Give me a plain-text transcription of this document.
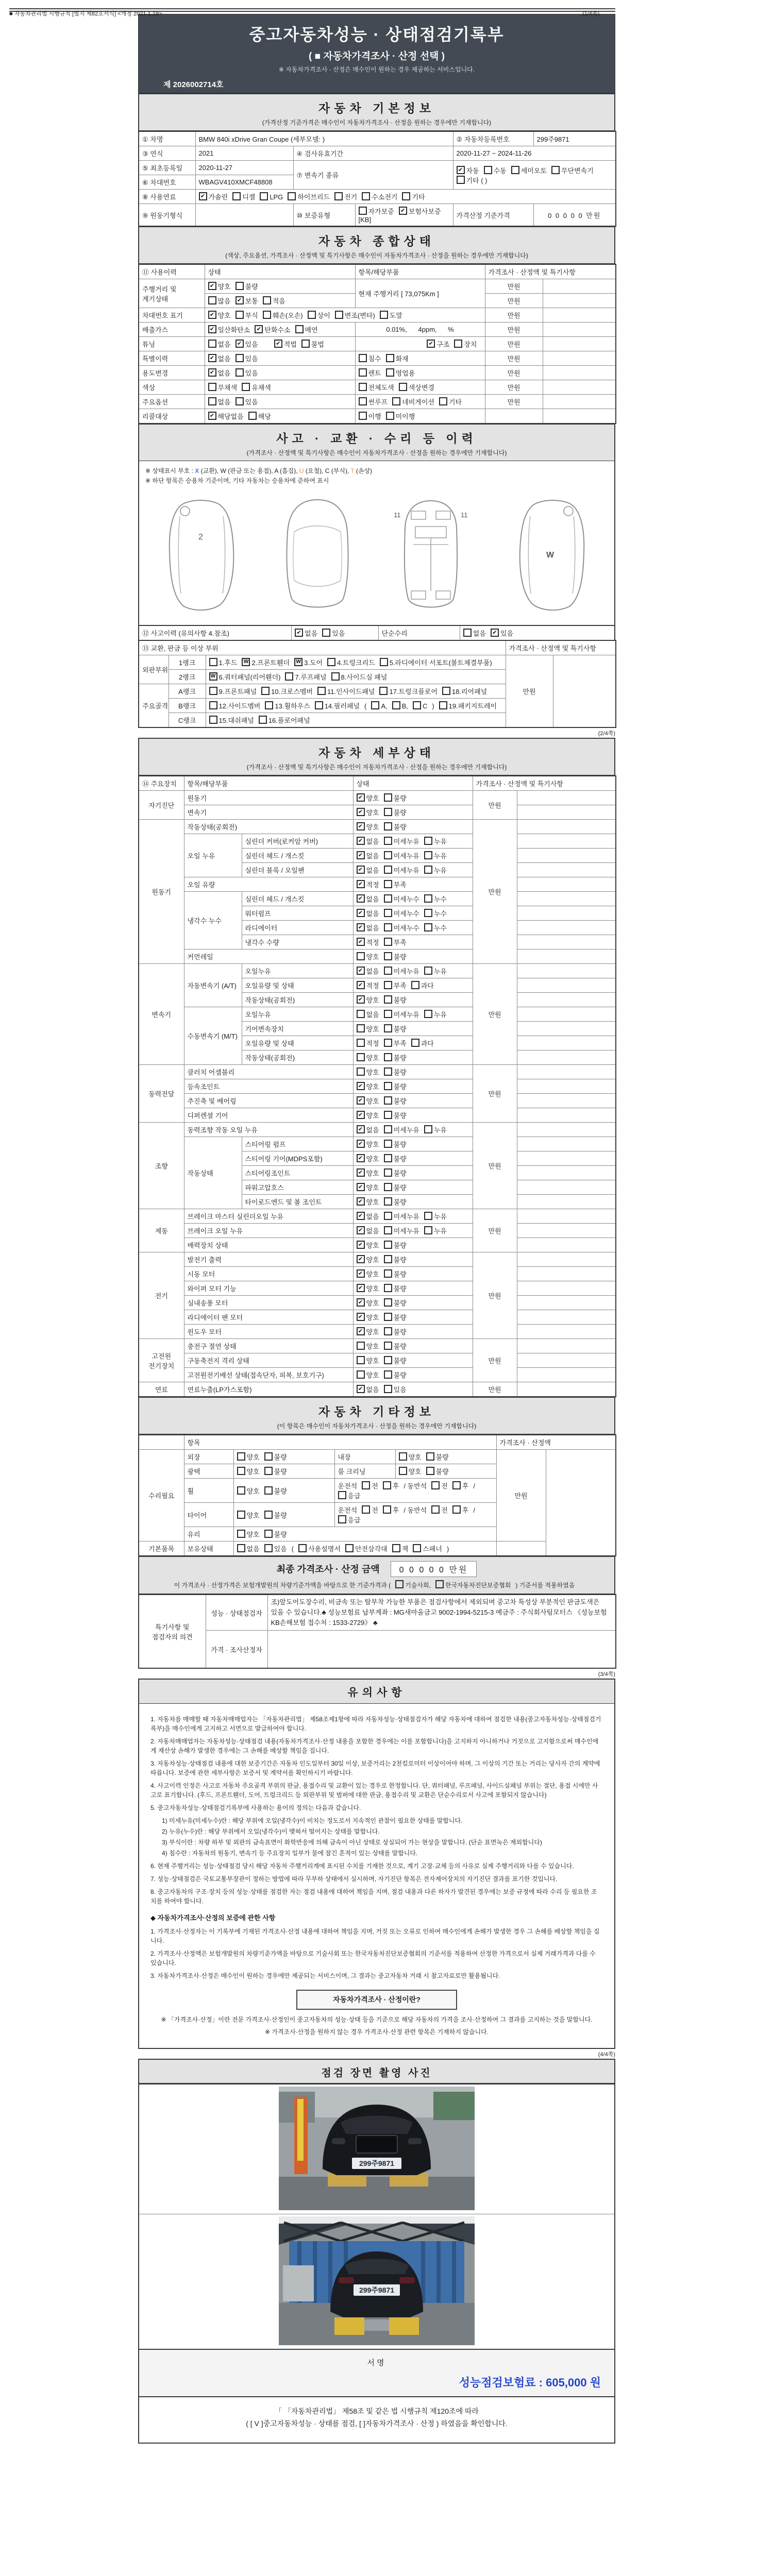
■ 자동차관리법 시행규칙 [별지 제82호서식] <개정 2021.1.19>	(1/4쪽)
중고자동차성능 · 상태점검기록부
( ■ 자동차가격조사 · 산정 선택 )
※ 자동차가격조사 · 산정은 매수인이 원하는 경우 제공하는 서비스입니다.
제 2026002714호
자동차 기본정보
(가격산정 기준가격은 매수인이 자동차가격조사 · 산정을 원하는 경우에만 기재합니다)
① 차명	BMW 840i xDrive Gran Coupe (세부모델: )			② 자동차등록번호	299주9871
③ 연식	2021	④ 검사유효기간		2020-11-27 ~ 2024-11-26	
⑤ 최초등록일	2020-11-27	⑦ 변속기 종류		✔ 자동 수동 세미오토 무단변속기기타 ( )	
⑥ 차대번호	WBAGV410XMCF48808				
⑧ 사용연료	✔ 가솔린 디젤 LPG 하이브리드 전기 수소전기 기타				
⑨ 원동기형식		⑩ 보증유형	자가보증 ✔ 보험사보증[KB]	가격산정 기준가격	0 0 0 0 0 만원
자동차 종합상태
(색상, 주요옵션, 가격조사 · 산정액 및 특기사항은 매수인이 자동차가격조사 · 산정을 원하는 경우에만 기재합니다)
⑪ 사용이력	상태	항목/해당부품	가격조사 · 산정액 및 특기사항	
주행거리 및 계기상태	✔ 양호 불량	현재 주행거리 [ 73,075Km ]	만원	
	많음 ✔ 보통 적음		만원	
차대번호 표기	✔ 양호 부식 훼손(오손) 상이 변조(변타) 도말		만원	
배출가스	✔ 일산화탄소 ✔ 탄화수소 매연	0.01%,      4ppm,      %	만원	
튜닝	없음 ✔ 있음 ✔ 적법 불법	✔ 구조 장치	만원	
특별이력	✔ 없음 있음	침수 화재	만원	
용도변경	✔ 없음 있음	렌트 영업용	만원	
색상	무채색 유채색	전체도색 색상변경	만원	
주요옵션	없음 있음	썬루프 네비게이션 기타	만원	
리콜대상	✔ 해당없음 해당	이행 미이행		
사고 · 교환 · 수리 등 이력
(가격조사 · 산정액 및 특기사항은 매수인이 자동차가격조사 · 산정을 원하는 경우에만 기재합니다)
※ 상태표시 부호 : X (교환), W (판금 또는 용접), A (흠집), U (요철), C (부식), T (손상)
※ 하단 항목은 승용차 기준이며, 기타 자동차는 승용차에 준하여 표시
2
11	11
W
⑫ 사고이력 (유의사항 4.참조)	✔ 없음 있음	단순수리	없음 ✔ 있음
⑬ 교환, 판금 등 이상 부위			가격조사 · 산정액 및 특기사항	
외판부위	1랭크	1.후드 W 2.프론트휀더 W 3.도어 4.트렁크리드 5.라디에이터 서포트(볼트체결부품)	만원	
	2랭크	W 6.쿼터패널(리어휀더) 7.루프패널 8.사이드실 패널		
주요골격	A랭크	9.프론트패널 10.크로스멤버 11.인사이드패널 17.트렁크플로어 18.리어패널		
	B랭크	12.사이드멤버 13.휠하우스 14.필러패널 (A, B, C) 19.패키지트레이		
	C랭크	15.대쉬패널 16.플로어패널		
(2/4쪽)
자동차 세부상태
(가격조사 · 산정액 및 특기사항은 매수인이 자동차가격조사 · 산정을 원하는 경우에만 기재합니다)
⑭ 주요장치	항목/해당부품		상태	가격조사 · 산정액 및 특기사항	
자기진단	원동기		✔ 양호 불량	만원	
	변속기		✔ 양호 불량		
원동기	작동상태(공회전)		✔ 양호 불량	만원	
	오일 누유	실린더 커버(로커암 커버)	✔ 없음 미세누유 누유		
		실린더 헤드 / 개스킷	✔ 없음 미세누유 누유		
		실린더 블록 / 오일팬	✔ 없음 미세누유 누유		
	오일 유량		✔ 적정 부족		
	냉각수 누수	실린더 헤드 / 개스킷	✔ 없음 미세누수 누수		
		워터펌프	✔ 없음 미세누수 누수		
		라디에이터	✔ 없음 미세누수 누수		
		냉각수 수량	✔ 적정 부족		
	커먼레일		양호 불량		
변속기	자동변속기 (A/T)	오일누유	✔ 없음 미세누유 누유	만원	
		오일유량 및 상태	✔ 적정 부족 과다		
		작동상태(공회전)	✔ 양호 불량		
	수동변속기 (M/T)	오일누유	없음 미세누유 누유		
		기어변속장치	양호 불량		
		오일유량 및 상태	적정 부족 과다		
		작동상태(공회전)	양호 불량		
동력전달	클러치 어셈블리		양호 불량	만원	
	등속조인트		✔ 양호 불량		
	추진축 및 베어링		✔ 양호 불량		
	디퍼렌셜 기어		✔ 양호 불량		
조향	동력조향 작동 오일 누유		✔ 없음 미세누유 누유	만원	
	작동상태	스티어링 펌프	✔ 양호 불량		
		스티어링 기어(MDPS포함)	✔ 양호 불량		
		스티어링조인트	✔ 양호 불량		
		파워고압호스	✔ 양호 불량		
		타이로드엔드 및 볼 조인트	✔ 양호 불량		
제동	브레이크 마스터 실린더오일 누유		✔ 없음 미세누유 누유	만원	
	브레이크 오일 누유		✔ 없음 미세누유 누유		
	배력장치 상태		✔ 양호 불량		
전기	발전기 출력		✔ 양호 불량	만원	
	시동 모터		✔ 양호 불량		
	와이퍼 모터 기능		✔ 양호 불량		
	실내송풍 모터		✔ 양호 불량		
	라디에이터 팬 모터		✔ 양호 불량		
	윈도우 모터		✔ 양호 불량		
고전원 전기장치	충전구 절연 상태		양호 불량	만원	
	구동축전지 격리 상태		양호 불량		
	고전원전기배선 상태(접속단자, 피복, 보호기구)		양호 불량		
연료	연료누출(LP가스포함)		✔ 없음 있음	만원	
자동차 기타정보
(이 항목은 매수인이 자동차가격조사 · 산정을 원하는 경우에만 기재합니다)
	항목				가격조사 · 산정액	
수리필요	외장	양호 불량	내장	양호 불량	만원	
	광택	양호 불량	룸 크리닝	양호 불량		
	휠	양호 불량	운전석 전 후 / 동반석 전 후 /응급			
	타이어	양호 불량	운전석 전 후 / 동반석 전 후 /응급			
	유리	양호 불량				
기본품목	보유상태	없음 있음 ( 사용설명서 안전삼각대 잭 스패너 )				
최종 가격조사 · 산정 금액 0 0 0 0 0 만원
이 가격조사 · 산정가격은 보험개발원의 차량기준가액을 바탕으로 한 기준가격과 ( 기술사회, 한국자동차진단보증협회 ) 기준서를 적용하였음
특기사항 및 점검자의 의견	성능 · 상태점검자	조)앞도어도장수리, 비금속 또는 탈부착 가능한 부품은 점검사항에서 제외되며 중고차 특성상 부분적인 판금도색은 있을 수 있습니다.♣ 성능보험료 납부계좌 : MG새마을금고 9002-1994-5215-3 예금주 : 주식회사팀모터스 《성능보험 KB손해보험 접수처 : 1533-2729》 ♣
	가격 · 조사산정자	
(3/4쪽)
유의사항
1. 자동차를 매매할 때 자동차매매업자는 「자동차관리법」 제58조제1항에 따라 자동차성능·상태점검자가 해당 자동차에 대하여 점검한 내용(중고자동차성능·상태점검기록부)을 매수인에게 고지하고 서면으로 발급하여야 합니다.
2. 자동차매매업자는 자동차성능·상태점검 내용(자동차가격조사·산정 내용을 포함한 경우에는 이를 포함합니다)을 고지하지 아니하거나 거짓으로 고지함으로써 매수인에게 재산상 손해가 발생한 경우에는 그 손해를 배상할 책임을 집니다.
3. 자동차성능·상태점검 내용에 대한 보증기간은 자동차 인도일부터 30일 이상, 보증거리는 2천킬로미터 이상이어야 하며, 그 이상의 기간 또는 거리는 당사자 간의 계약에 따릅니다. 보증에 관한 세부사항은 보증서 및 계약서를 확인하시기 바랍니다.
4. 사고이력 인정은 사고로 자동차 주요골격 부위의 판금, 용접수리 및 교환이 있는 경우로 한정합니다. 단, 쿼터패널, 루프패널, 사이드실패널 부위는 절단, 용접 시에만 사고로 표기합니다. (후드, 프론트휀더, 도어, 트렁크리드 등 외판부위 및 범퍼에 대한 판금, 용접수리 및 교환은 단순수리로서 사고에 포함되지 않습니다)
5. 중고자동차성능·상태점검기록부에 사용하는 용어의 정의는 다음과 같습니다.
1) 미세누유(미세누수)란 : 해당 부위에 오일(냉각수)이 비치는 정도로서 지속적인 관찰이 필요한 상태를 말합니다.
2) 누유(누수)란 : 해당 부위에서 오일(냉각수)이 맺혀서 떨어지는 상태를 말합니다.
3) 부식이란 : 차량 하부 및 외판의 금속표면이 화학반응에 의해 금속이 아닌 상태로 상실되어 가는 현상을 말합니다. (단순 표면녹은 제외합니다)
4) 침수란 : 자동차의 원동기, 변속기 등 주요장치 일부가 물에 잠긴 흔적이 있는 상태를 말합니다.
6. 현재 주행거리는 성능·상태점검 당시 해당 자동차 주행거리계에 표시된 수치를 기재한 것으로, 계기 고장·교체 등의 사유로 실제 주행거리와 다를 수 있습니다.
7. 성능·상태점검은 국토교통부장관이 정하는 방법에 따라 무부하 상태에서 실시하며, 자기진단 항목은 전자제어장치의 자기진단 결과를 표기한 것입니다.
8. 중고자동차의 구조·장치 등의 성능·상태를 점검한 자는 점검 내용에 대하여 책임을 지며, 점검 내용과 다른 하자가 발견된 경우에는 보증 규정에 따라 수리 등 필요한 조치를 하여야 합니다.
◆ 자동차가격조사·산정의 보증에 관한 사항
1. 가격조사·산정자는 이 기록부에 기재된 가격조사·산정 내용에 대하여 책임을 지며, 거짓 또는 오류로 인하여 매수인에게 손해가 발생한 경우 그 손해를 배상할 책임을 집니다.
2. 가격조사·산정액은 보험개발원의 차량기준가액을 바탕으로 기술사회 또는 한국자동차진단보증협회의 기준서를 적용하여 산정한 가격으로서 실제 거래가격과 다를 수 있습니다.
3. 자동차가격조사·산정은 매수인이 원하는 경우에만 제공되는 서비스이며, 그 결과는 중고자동차 거래 시 참고자료로만 활용됩니다.
자동차가격조사 · 산정이란?
※ 「가격조사·산정」이란 전문 가격조사·산정인이 중고자동차의 성능·상태 등을 기준으로 해당 자동차의 가격을 조사·산정하여 그 결과를 고지하는 것을 말합니다.
※ 가격조사·산정을 원하지 않는 경우 가격조사·산정 관련 항목은 기재하지 않습니다.
(4/4쪽)
점검 장면 촬영 사진
299주9871

299주9871
서명
성능점검보험료 : 605,000 원
「 「자동차관리법」 제58조 및 같은 법 시행규칙 제120조에 따라
( [ V ]중고자동차성능 · 상태를 점검, [ ]자동차가격조사 · 산정 ) 하였음을 확인합니다.
